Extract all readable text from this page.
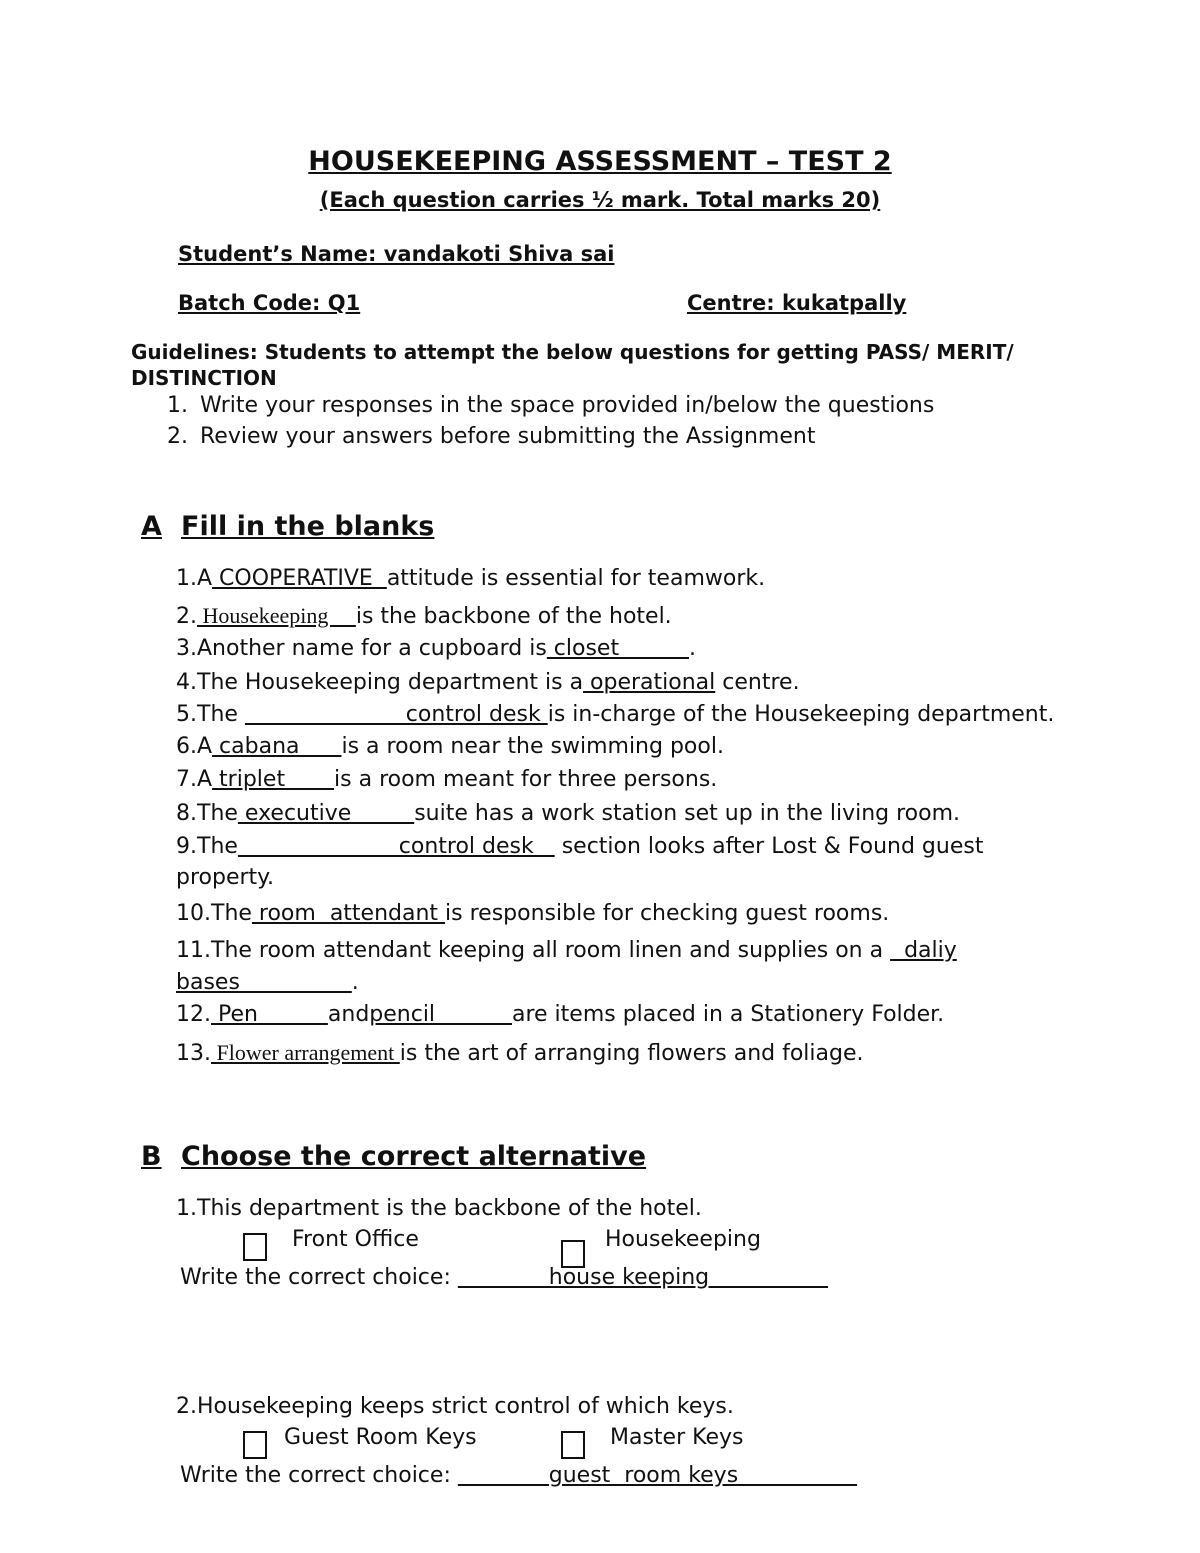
HOUSEKEEPING ASSESSMENT – TEST 2
(Each question carries ½ mark. Total marks 20)
Student’s Name: vandakoti Shiva sai
Batch Code: Q1	Centre: kukatpally
Guidelines: Students to attempt the below questions for getting PASS/ MERIT/
DISTINCTION
1. Write your responses in the space provided in/below the questions
2. Review your answers before submitting the Assignment
A Fill in the blanks
1.A COOPERATIVE  attitude is essential for teamwork.
2. Housekeeping     is the backbone of the hotel.
3.Another name for a cupboard is closet          .
4.The Housekeeping department is a operational centre.
5.The                        control desk is in-charge of the Housekeeping department.
6.A cabana      is a room near the swimming pool.
7.A triplet       is a room meant for three persons.
8.The executive         suite has a work station set up in the living room.
9.The                       control desk    section looks after Lost & Found guest
property.
10.The room  attendant is responsible for checking guest rooms.
11.The room attendant keeping all room linen and supplies on a   daliy
bases                .
12. Pen          andpencil           are items placed in a Stationery Folder.
13. Flower arrangement is the art of arranging flowers and foliage.
B Choose the correct alternative
1.This department is the backbone of the hotel.
Front Office	Housekeeping
Write the correct choice:              house keeping
2.Housekeeping keeps strict control of which keys.
Guest Room Keys	Master Keys
Write the correct choice:              guest  room keys
